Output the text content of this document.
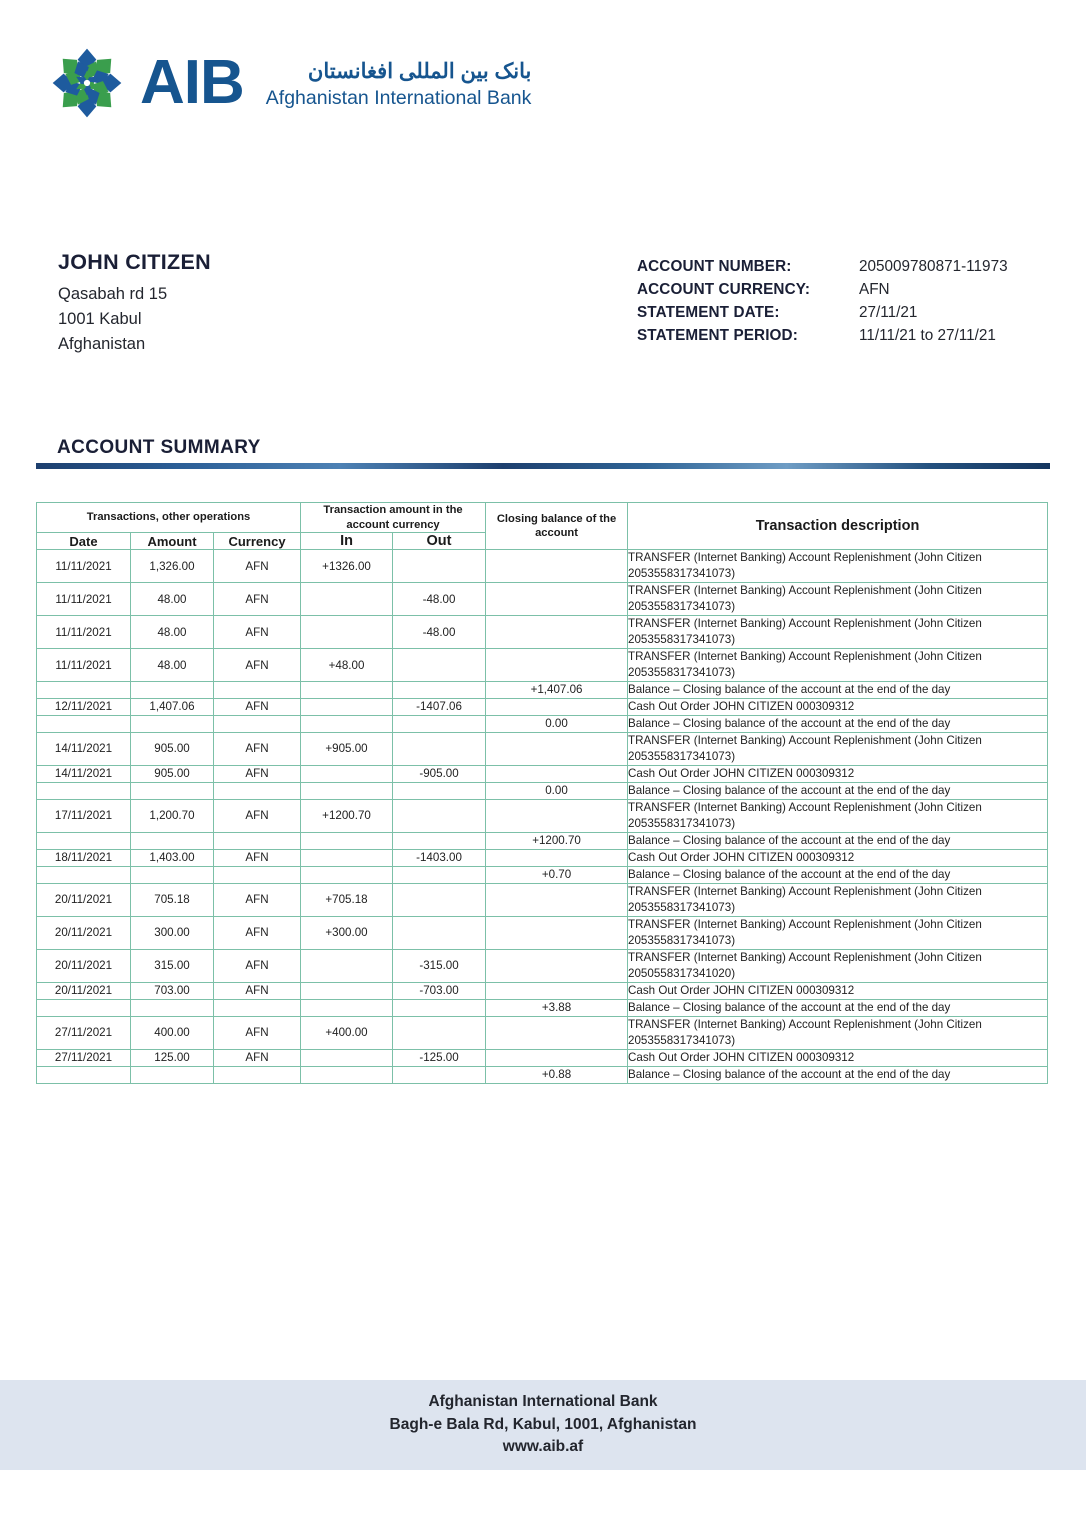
AIB	بانک بین المللی افغانستان
Afghanistan International Bank
JOHN CITIZEN
Qasabah rd 15
1001 Kabul
Afghanistan
ACCOUNT NUMBER:	205009780871-11973
ACCOUNT CURRENCY:	AFN
STATEMENT DATE:	27/11/21
STATEMENT PERIOD:	11/11/21 to 27/11/21
ACCOUNT SUMMARY
Transactions, other operations			Transaction amount in the account currency		Closing balance of the account	Transaction description
Date	Amount	Currency	In	Out		
11/11/2021	1,326.00	AFN	+1326.00			TRANSFER (Internet Banking) Account Replenishment (John Citizen 2053558317341073)
11/11/2021	48.00	AFN		-48.00		TRANSFER (Internet Banking) Account Replenishment (John Citizen 2053558317341073)
11/11/2021	48.00	AFN		-48.00		TRANSFER (Internet Banking) Account Replenishment (John Citizen 2053558317341073)
11/11/2021	48.00	AFN	+48.00			TRANSFER (Internet Banking) Account Replenishment (John Citizen 2053558317341073)
					+1,407.06	Balance – Closing balance of the account at the end of the day
12/11/2021	1,407.06	AFN		-1407.06		Cash Out Order JOHN CITIZEN 000309312
					0.00	Balance – Closing balance of the account at the end of the day
14/11/2021	905.00	AFN	+905.00			TRANSFER (Internet Banking) Account Replenishment (John Citizen 2053558317341073)
14/11/2021	905.00	AFN		-905.00		Cash Out Order JOHN CITIZEN 000309312
					0.00	Balance – Closing balance of the account at the end of the day
17/11/2021	1,200.70	AFN	+1200.70			TRANSFER (Internet Banking) Account Replenishment (John Citizen 2053558317341073)
					+1200.70	Balance – Closing balance of the account at the end of the day
18/11/2021	1,403.00	AFN		-1403.00		Cash Out Order JOHN CITIZEN 000309312
					+0.70	Balance – Closing balance of the account at the end of the day
20/11/2021	705.18	AFN	+705.18			TRANSFER (Internet Banking) Account Replenishment (John Citizen 2053558317341073)
20/11/2021	300.00	AFN	+300.00			TRANSFER (Internet Banking) Account Replenishment (John Citizen 2053558317341073)
20/11/2021	315.00	AFN		-315.00		TRANSFER (Internet Banking) Account Replenishment (John Citizen 2050558317341020)
20/11/2021	703.00	AFN		-703.00		Cash Out Order JOHN CITIZEN 000309312
					+3.88	Balance – Closing balance of the account at the end of the day
27/11/2021	400.00	AFN	+400.00			TRANSFER (Internet Banking) Account Replenishment (John Citizen 2053558317341073)
27/11/2021	125.00	AFN		-125.00		Cash Out Order JOHN CITIZEN 000309312
					+0.88	Balance – Closing balance of the account at the end of the day
Afghanistan International Bank
Bagh-e Bala Rd, Kabul, 1001, Afghanistan
www.aib.af
